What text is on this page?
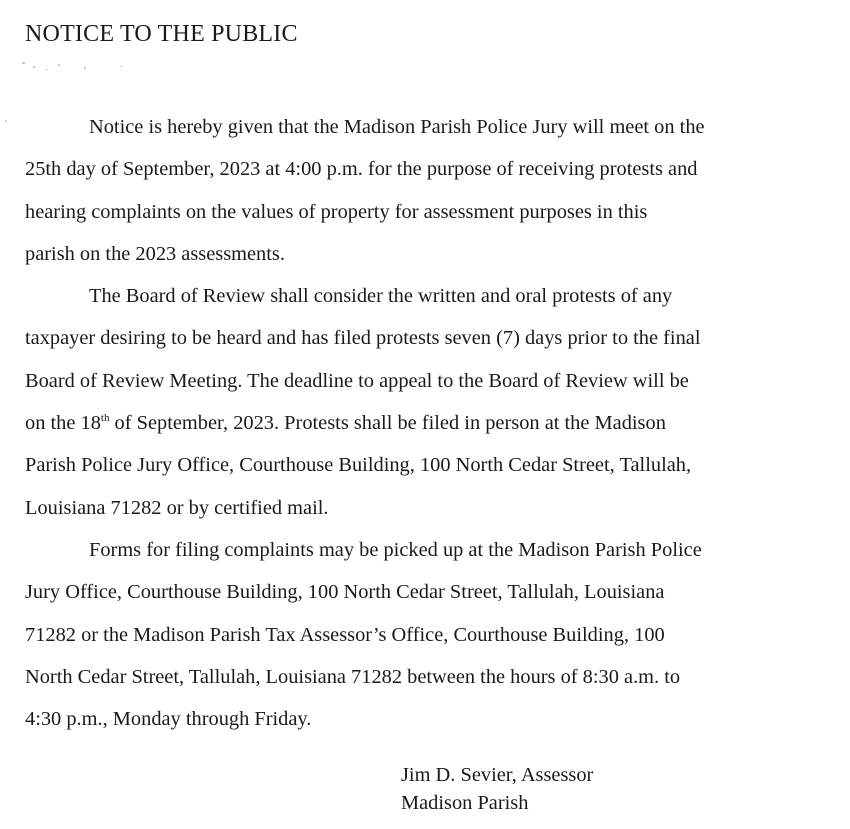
NOTICE TO THE PUBLIC
Notice is hereby given that the Madison Parish Police Jury will meet on the
25th day of September, 2023 at 4:00 p.m. for the purpose of receiving protests and
hearing complaints on the values of property for assessment purposes in this
parish on the 2023 assessments.
The Board of Review shall consider the written and oral protests of any
taxpayer desiring to be heard and has filed protests seven (7) days prior to the final
Board of Review Meeting. The deadline to appeal to the Board of Review will be
on the 18th of September, 2023. Protests shall be filed in person at the Madison
Parish Police Jury Office, Courthouse Building, 100 North Cedar Street, Tallulah,
Louisiana 71282 or by certified mail.
Forms for filing complaints may be picked up at the Madison Parish Police
Jury Office, Courthouse Building, 100 North Cedar Street, Tallulah, Louisiana
71282 or the Madison Parish Tax Assessor’s Office, Courthouse Building, 100
North Cedar Street, Tallulah, Louisiana 71282 between the hours of 8:30 a.m. to
4:30 p.m., Monday through Friday.
Jim D. Sevier, Assessor
Madison Parish
